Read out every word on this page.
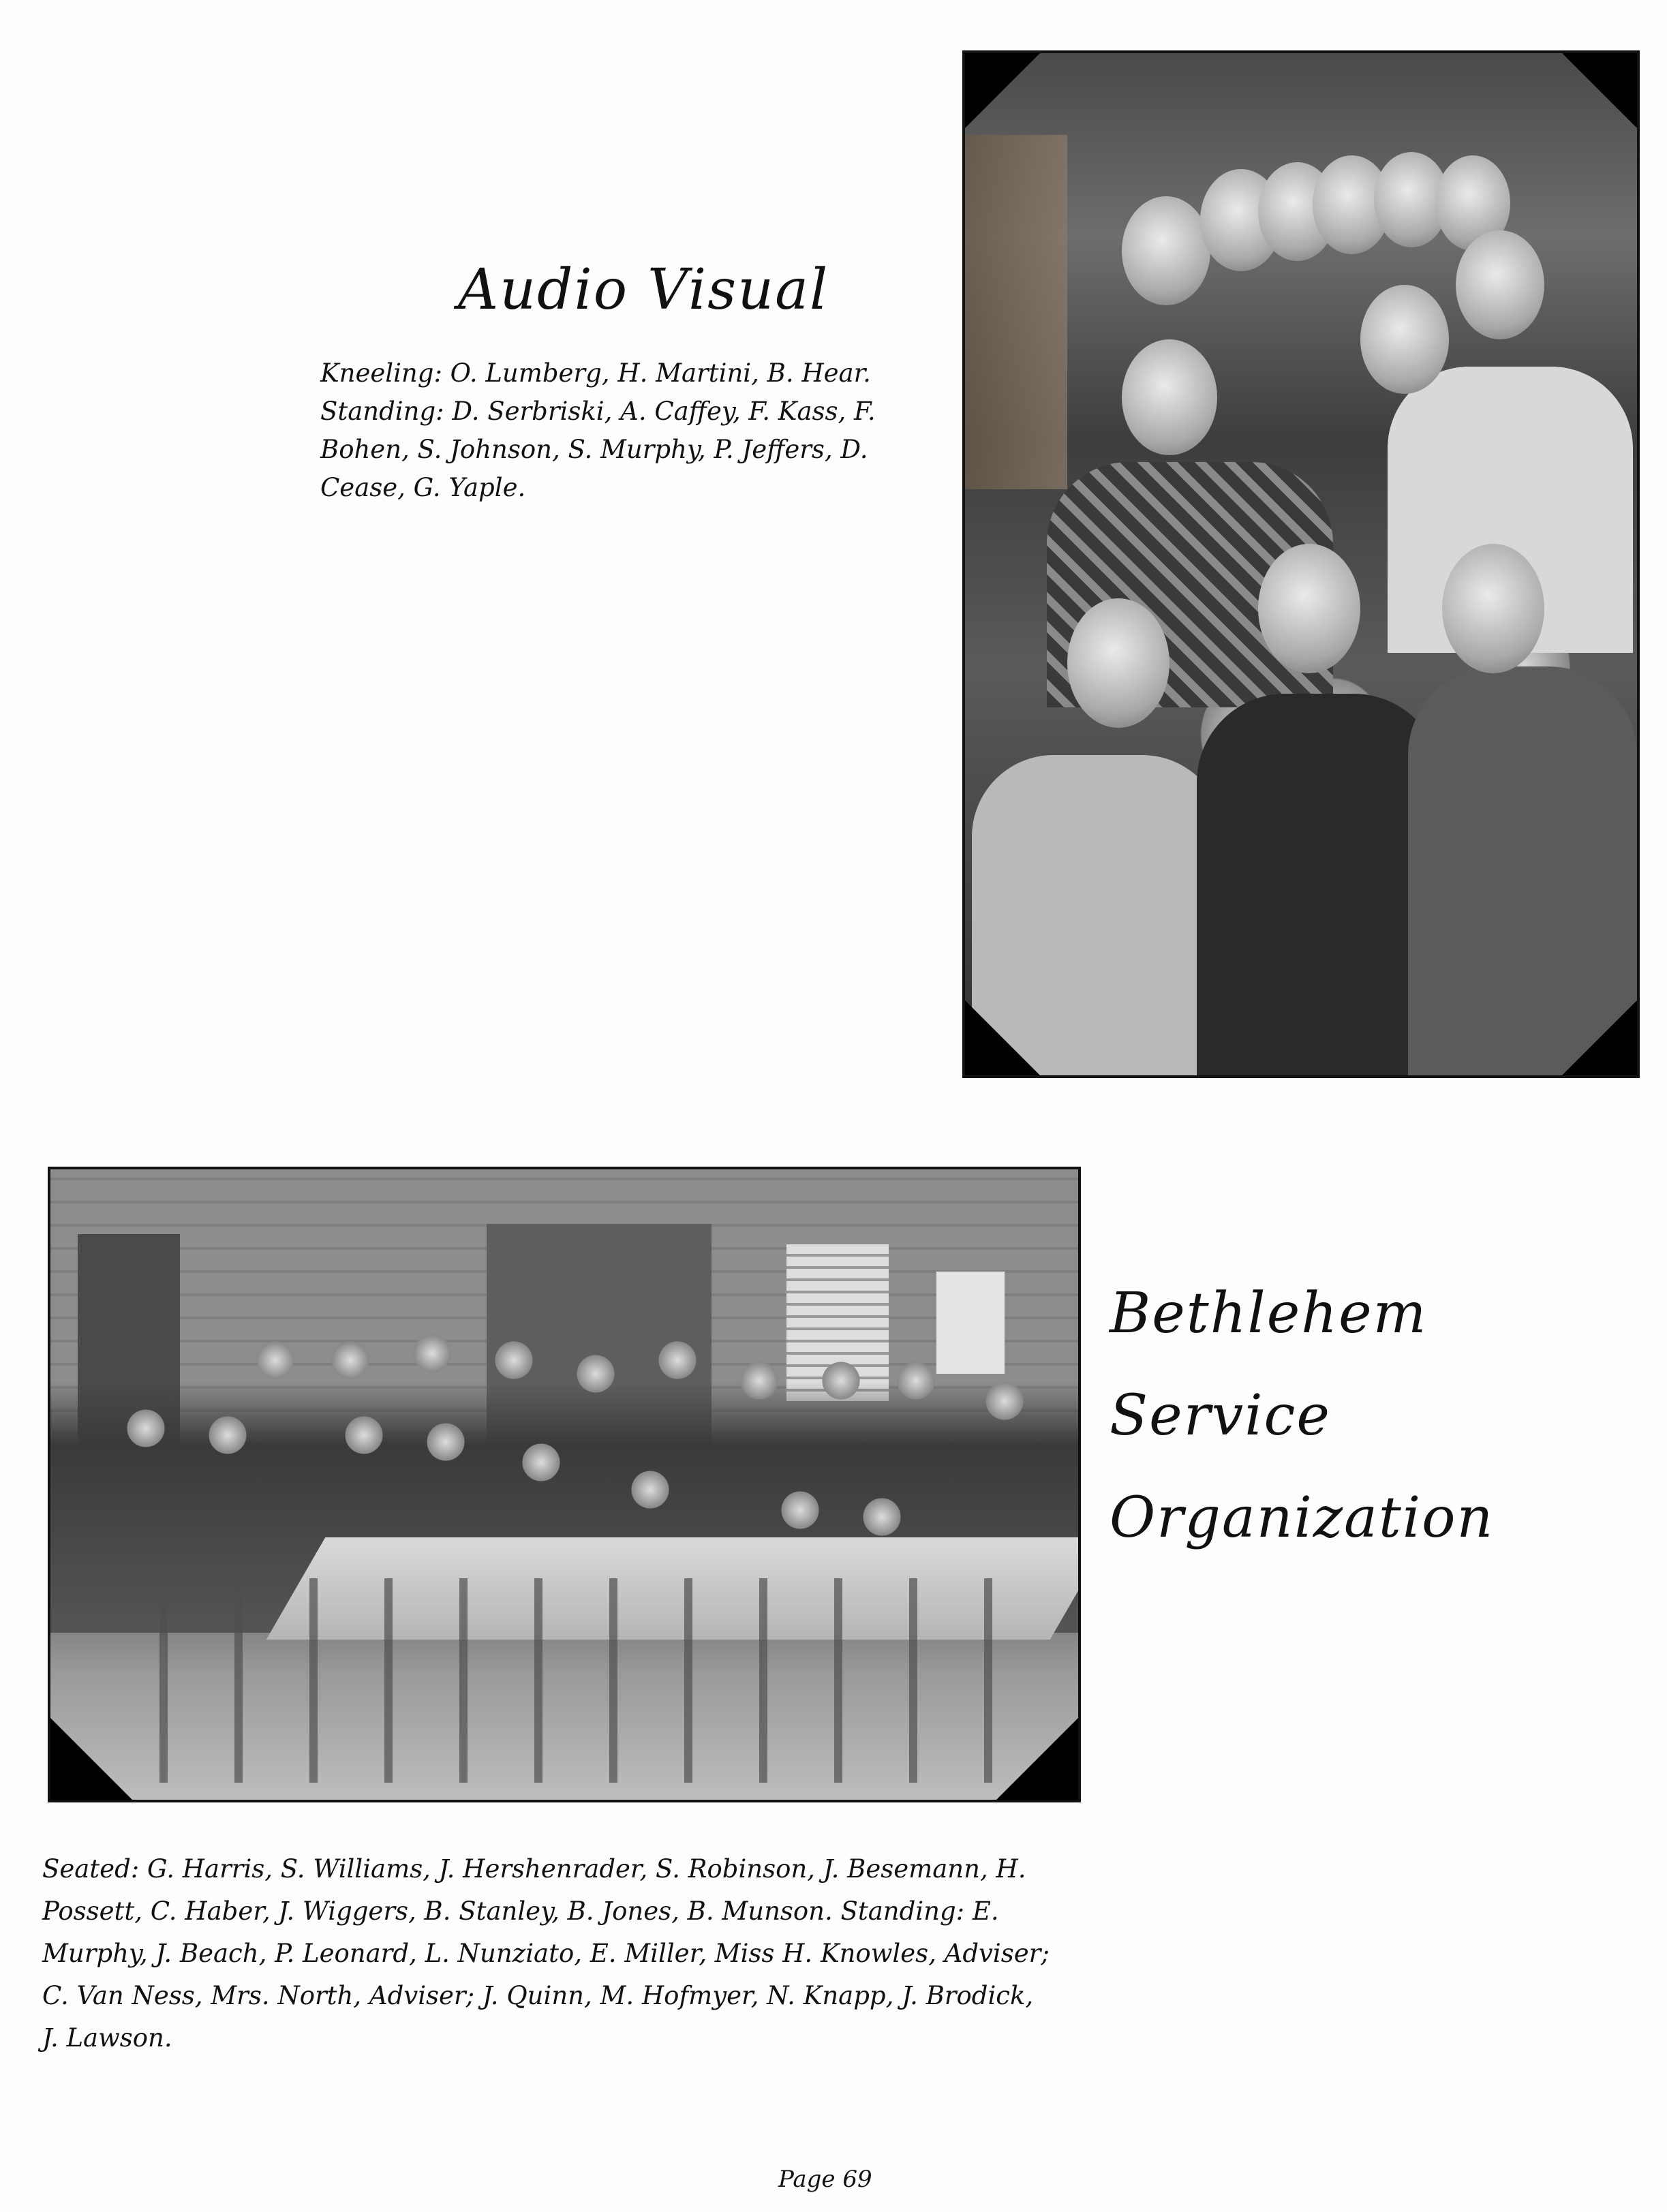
Audio Visual

Kneeling: O. Lumberg, H. Martini, B. Hear.

Standing: D. Serbriski, A. Caffey, F. Kass, F.

Bohen, S. Johnson, S. Murphy, P. Jeffers, D.

Cease, G. Yaple.

Bethlehem
Service
Organization

Seated: G. Harris, S. Williams, J. Hershenrader, S. Robinson, J. Besemann, H.

Possett, C. Haber, J. Wiggers, B. Stanley, B. Jones, B. Munson. Standing: E.

Murphy, J. Beach, P. Leonard, L. Nunziato, E. Miller, Miss H. Knowles, Adviser;

C. Van Ness, Mrs. North, Adviser; J. Quinn, M. Hofmyer, N. Knapp, J. Brodick,

J. Lawson.

Page 69
